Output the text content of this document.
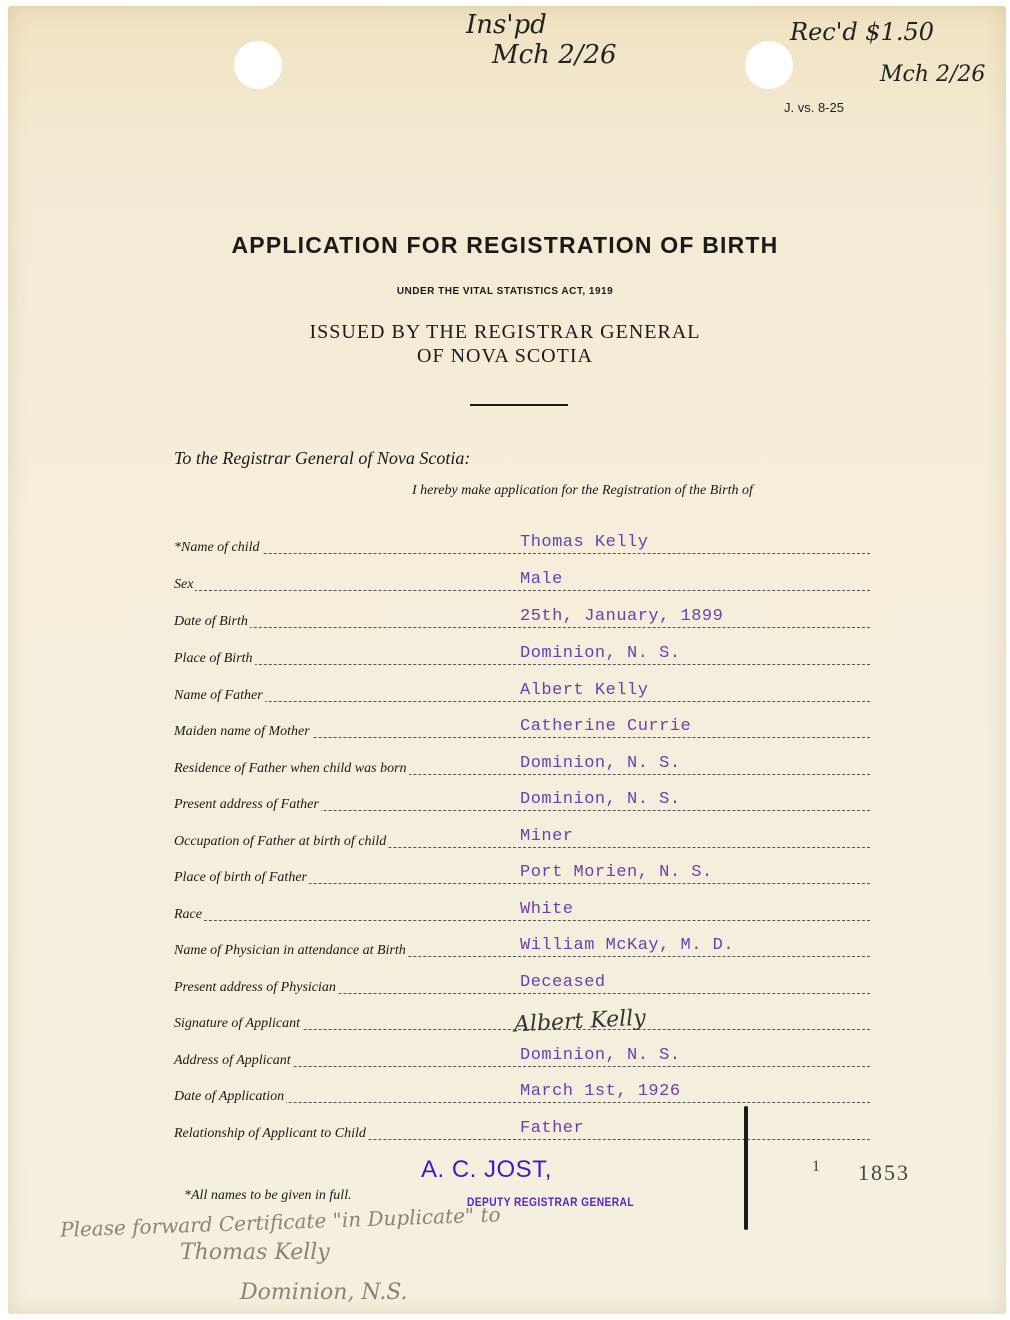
Ins'pd
Mch 2/26
Rec'd $1.50
Mch 2/26
J. vs. 8-25
APPLICATION FOR REGISTRATION OF BIRTH
UNDER THE VITAL STATISTICS ACT, 1919
ISSUED BY THE REGISTRAR GENERAL
OF NOVA SCOTIA
To the Registrar General of Nova Scotia:
I hereby make application for the Registration of the Birth of
*Name of child	Thomas Kelly
Sex	Male
Date of Birth	25th, January, 1899
Place of Birth	Dominion, N. S.
Name of Father	Albert Kelly
Maiden name of Mother	Catherine Currie
Residence of Father when child was born	Dominion, N. S.
Present address of Father	Dominion, N. S.
Occupation of Father at birth of child	Miner
Place of birth of Father	Port Morien, N. S.
Race	White
Name of Physician in attendance at Birth	William McKay, M. D.
Present address of Physician	Deceased
Signature of Applicant	Albert Kelly
Address of Applicant	Dominion, N. S.
Date of Application	March 1st, 1926
Relationship of Applicant to Child	Father
*All names to be given in full.
A. C. JOST,
DEPUTY REGISTRAR GENERAL
1 1853
Please forward Certificate "in Duplicate" to
Thomas Kelly
Dominion, N.S.
